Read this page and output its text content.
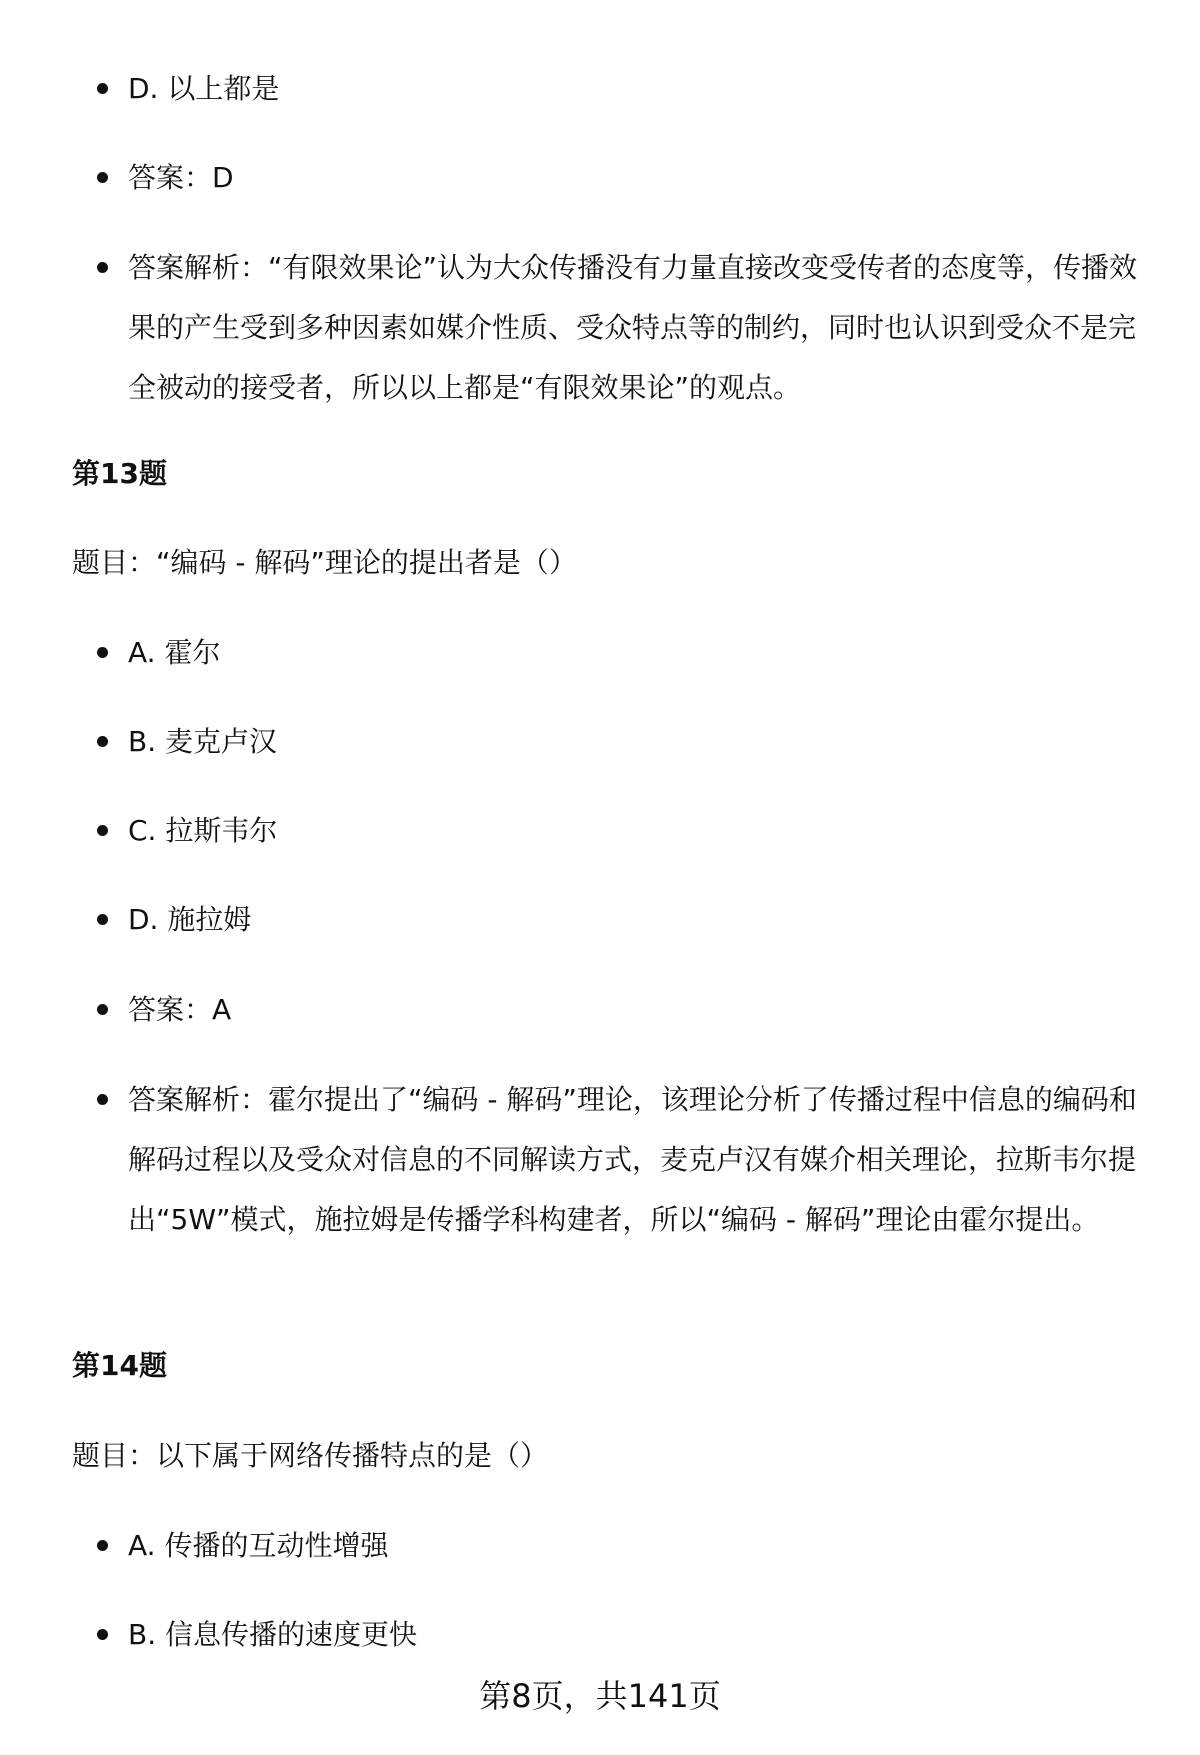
D. 以上都是
答案：D
答案解析：“有限效果论”认为大众传播没有力量直接改变受传者的态度等，传播效果的产生受到多种因素如媒介性质、受众特点等的制约，同时也认识到受众不是完全被动的接受者，所以以上都是“有限效果论”的观点。
第13题
题目：“编码 - 解码”理论的提出者是（）
A. 霍尔
B. 麦克卢汉
C. 拉斯韦尔
D. 施拉姆
答案：A
答案解析：霍尔提出了“编码 - 解码”理论，该理论分析了传播过程中信息的编码和解码过程以及受众对信息的不同解读方式，麦克卢汉有媒介相关理论，拉斯韦尔提出“5W”模式，施拉姆是传播学科构建者，所以“编码 - 解码”理论由霍尔提出。
第14题
题目：以下属于网络传播特点的是（）
A. 传播的互动性增强
B. 信息传播的速度更快
第8页，共141页
